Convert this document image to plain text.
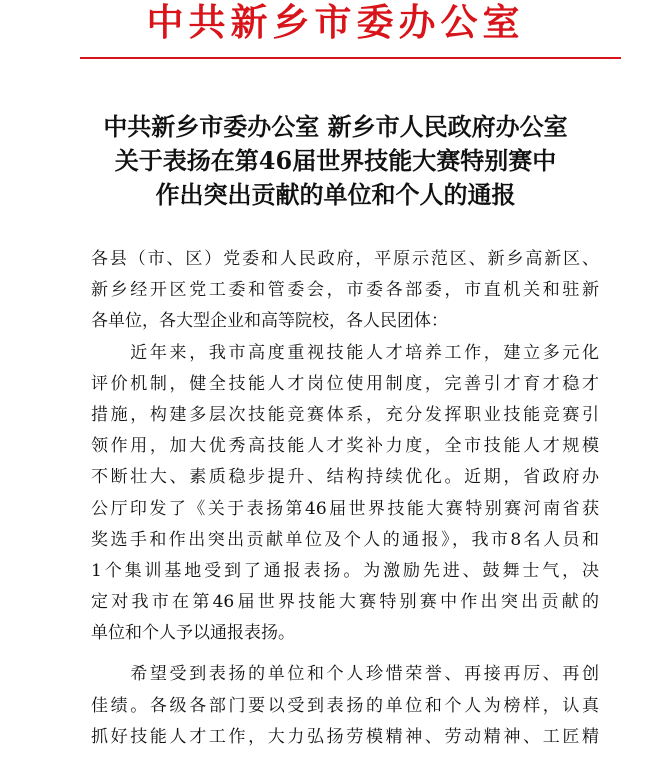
中共新乡市委办公室
中共新乡市委办公室 新乡市人民政府办公室
关于表扬在第46届世界技能大赛特别赛中
作出突出贡献的单位和个人的通报
各县（市、区）党委和人民政府，平原示范区、新乡高新区、
新乡经开区党工委和管委会，市委各部委，市直机关和驻新
各单位，各大型企业和高等院校，各人民团体：
　　近年来，我市高度重视技能人才培养工作，建立多元化
评价机制，健全技能人才岗位使用制度，完善引才育才稳才
措施，构建多层次技能竞赛体系，充分发挥职业技能竞赛引
领作用，加大优秀高技能人才奖补力度，全市技能人才规模
不断壮大、素质稳步提升、结构持续优化。近期，省政府办
公厅印发了《关于表扬第46届世界技能大赛特别赛河南省获
奖选手和作出突出贡献单位及个人的通报》，我市8名人员和
1个集训基地受到了通报表扬。为激励先进、鼓舞士气，决
定对我市在第46届世界技能大赛特别赛中作出突出贡献的
单位和个人予以通报表扬。
　　希望受到表扬的单位和个人珍惜荣誉、再接再厉、再创
佳绩。各级各部门要以受到表扬的单位和个人为榜样，认真
抓好技能人才工作，大力弘扬劳模精神、劳动精神、工匠精
